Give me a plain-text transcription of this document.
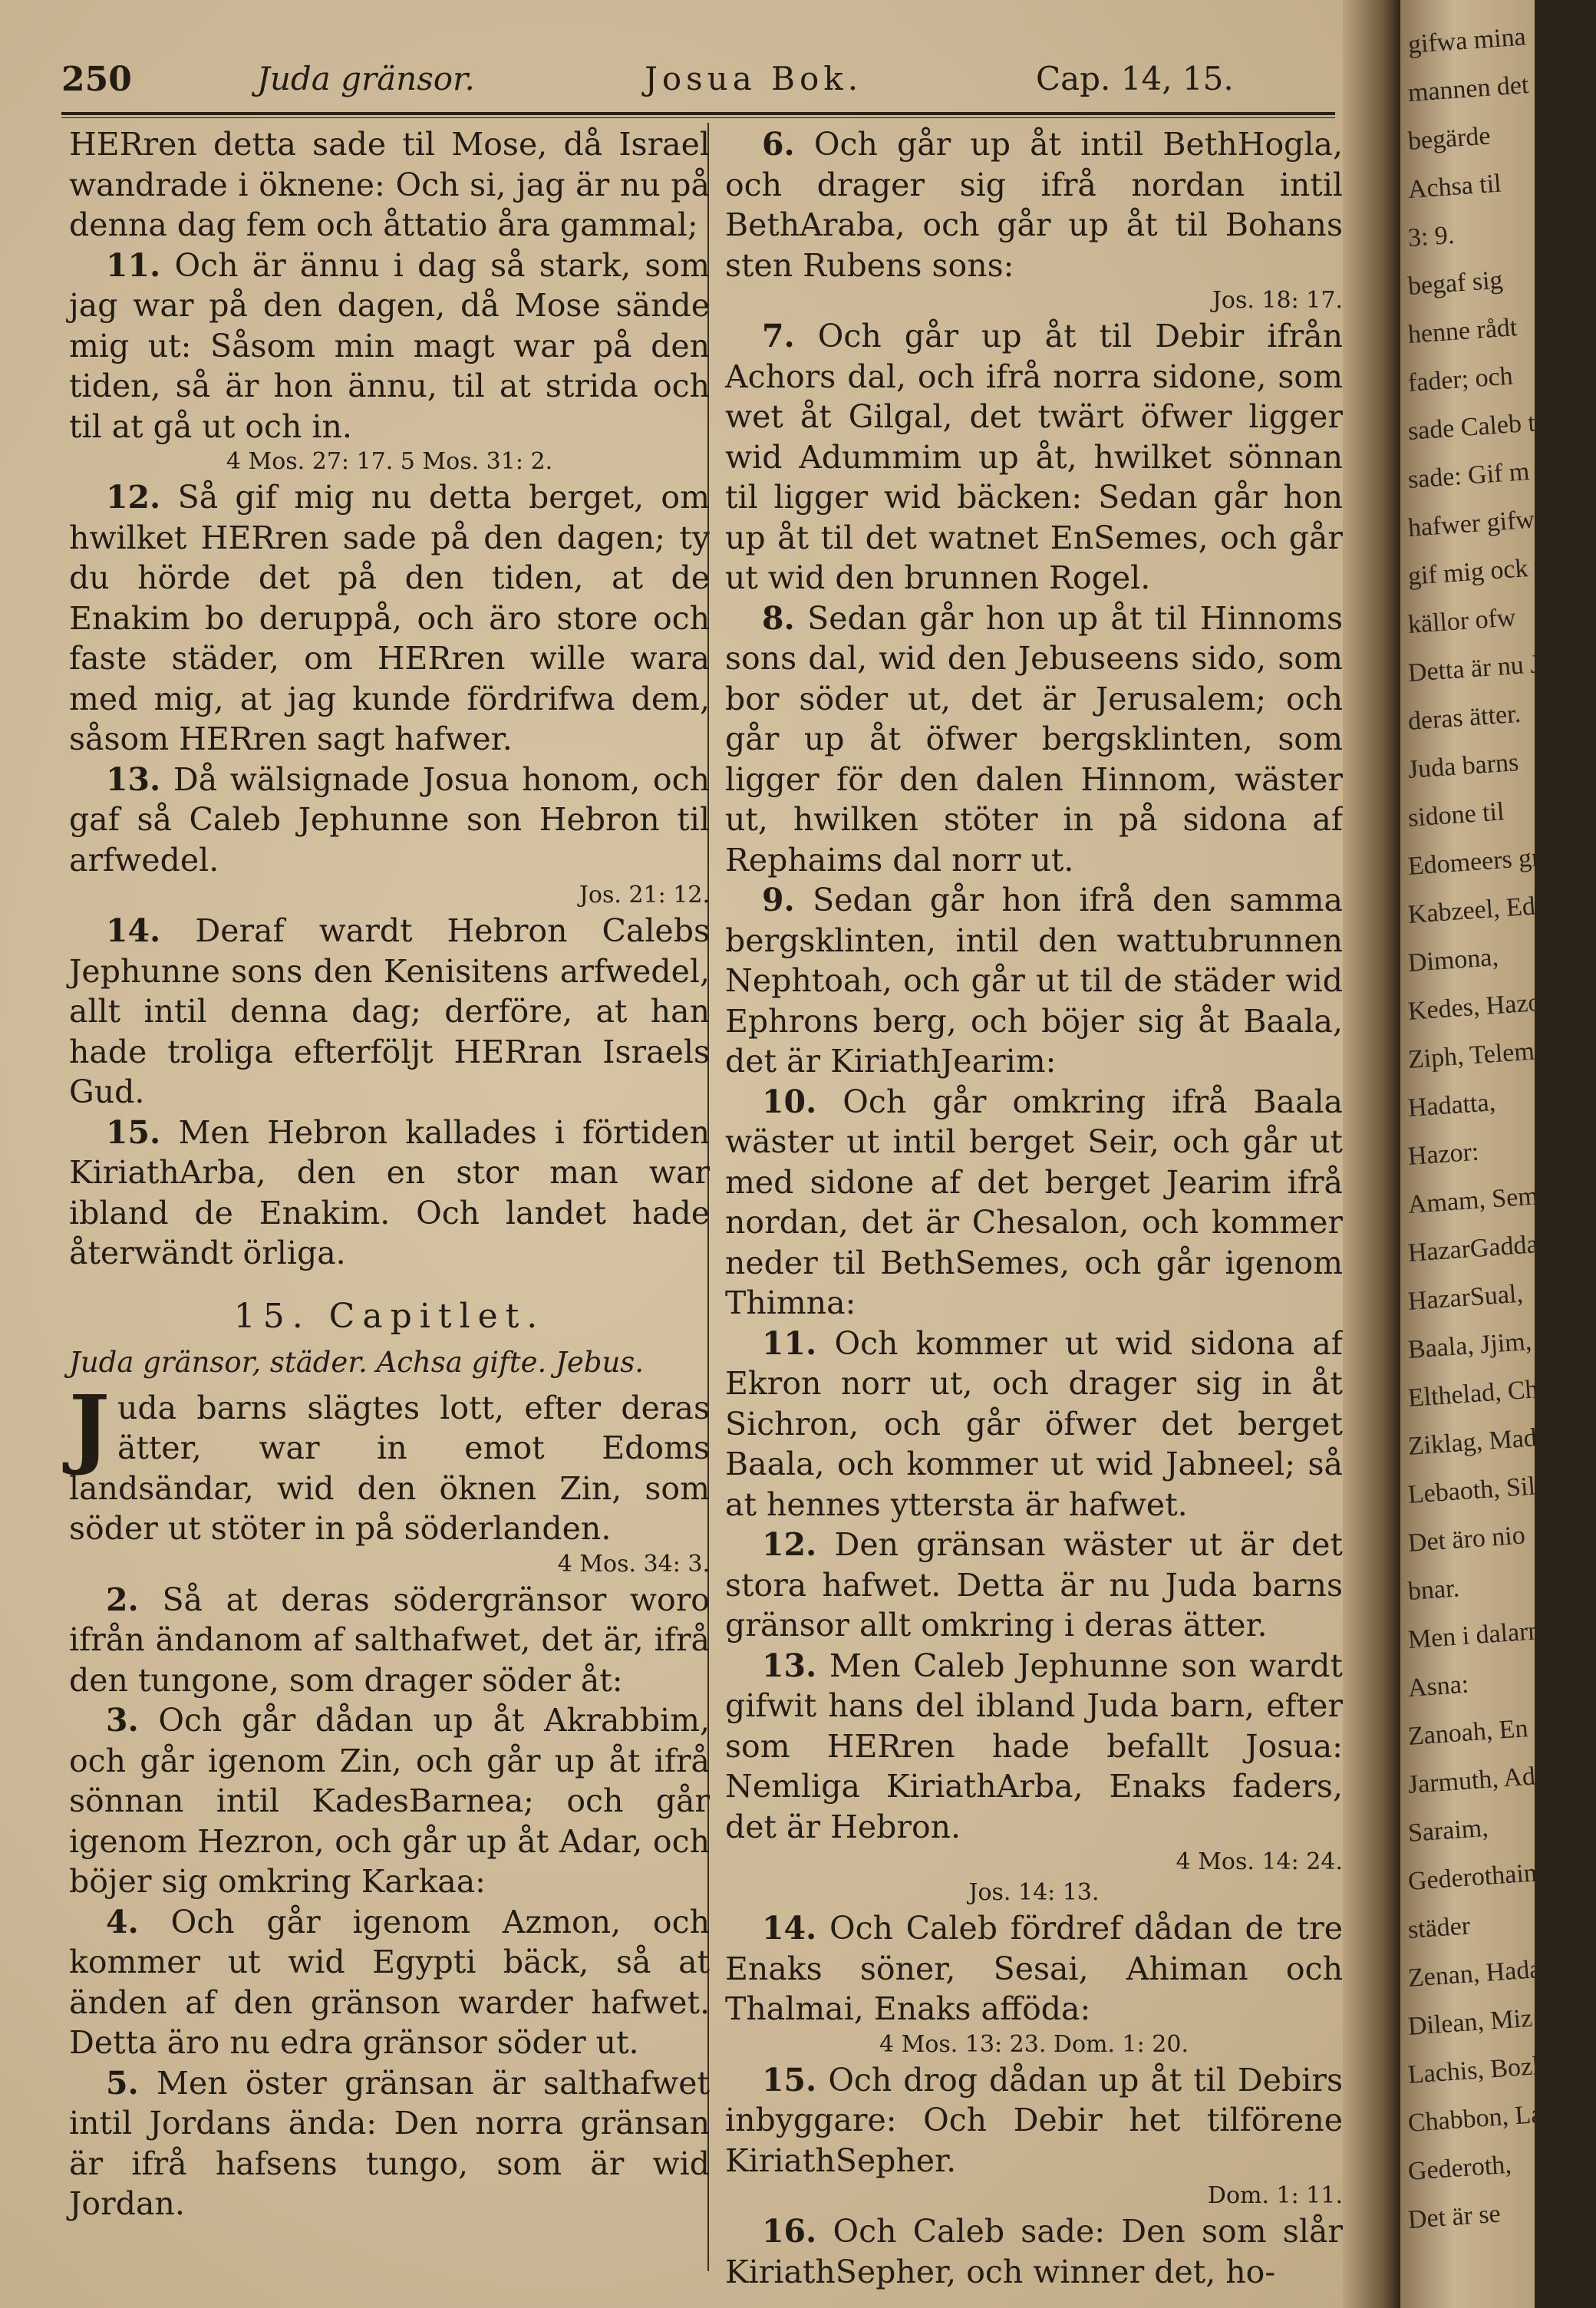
250	Juda gränsor.	Josua Bok.	Cap. 14, 15.

HERren detta sade til Mose, då Israel wandrade i öknene: Och si, jag är nu på denna dag fem och åttatio åra gammal;

11. Och är ännu i dag så stark, som jag war på den dagen, då Mose sände mig ut: Såsom min magt war på den tiden, så är hon ännu, til at strida och til at gå ut och in.

4 Mos. 27: 17. 5 Mos. 31: 2.

12. Så gif mig nu detta berget, om hwilket HERren sade på den dagen; ty du hörde det på den tiden, at de Enakim bo deruppå, och äro store och faste städer, om HERren wille wara med mig, at jag kunde fördrifwa dem, såsom HERren sagt hafwer.

13. Då wälsignade Josua honom, och gaf så Caleb Jephunne son Hebron til arfwedel.

Jos. 21: 12.

14. Deraf wardt Hebron Calebs Jephunne sons den Kenisitens arfwedel, allt intil denna dag; derföre, at han hade troliga efterföljt HERran Israels Gud.

15. Men Hebron kallades i förtiden KiriathArba, den en stor man war ibland de Enakim. Och landet hade återwändt örliga.

15. Capitlet.
Juda gränsor, städer. Achsa gifte. Jebus.

Juda barns slägtes lott, efter deras ätter, war in emot Edoms landsändar, wid den öknen Zin, som söder ut stöter in på söderlanden.

4 Mos. 34: 3.

2. Så at deras södergränsor woro ifrån ändanom af salthafwet, det är, ifrå den tungone, som drager söder åt:

3. Och går dådan up åt Akrabbim, och går igenom Zin, och går up åt ifrå sönnan intil KadesBarnea; och går igenom Hezron, och går up åt Adar, och böjer sig omkring Karkaa:

4. Och går igenom Azmon, och kommer ut wid Egypti bäck, så at änden af den gränson warder hafwet. Detta äro nu edra gränsor söder ut.

5. Men öster gränsan är salthafwet intil Jordans ända: Den norra gränsan är ifrå hafsens tungo, som är wid Jordan.

6. Och går up åt intil BethHogla, och drager sig ifrå nordan intil BethAraba, och går up åt til Bohans sten Rubens sons:

Jos. 18: 17.

7. Och går up åt til Debir ifrån Achors dal, och ifrå norra sidone, som wet åt Gilgal, det twärt öfwer ligger wid Adummim up åt, hwilket sönnan til ligger wid bäcken: Sedan går hon up åt til det watnet EnSemes, och går ut wid den brunnen Rogel.

8. Sedan går hon up åt til Hinnoms sons dal, wid den Jebuseens sido, som bor söder ut, det är Jerusalem; och går up åt öfwer bergsklinten, som ligger för den dalen Hinnom, wäster ut, hwilken stöter in på sidona af Rephaims dal norr ut.

9. Sedan går hon ifrå den samma bergsklinten, intil den wattubrunnen Nephtoah, och går ut til de städer wid Ephrons berg, och böjer sig åt Baala, det är KiriathJearim:

10. Och går omkring ifrå Baala wäster ut intil berget Seir, och går ut med sidone af det berget Jearim ifrå nordan, det är Chesalon, och kommer neder til BethSemes, och går igenom Thimna:

11. Och kommer ut wid sidona af Ekron norr ut, och drager sig in åt Sichron, och går öfwer det berget Baala, och kommer ut wid Jabneel; så at hennes yttersta är hafwet.

12. Den gränsan wäster ut är det stora hafwet. Detta är nu Juda barns gränsor allt omkring i deras ätter.

13. Men Caleb Jephunne son wardt gifwit hans del ibland Juda barn, efter som HERren hade befallt Josua: Nemliga KiriathArba, Enaks faders, det är Hebron.

4 Mos. 14: 24.

Jos. 14: 13.

14. Och Caleb fördref dådan de tre Enaks söner, Sesai, Ahiman och Thalmai, Enaks afföda:

4 Mos. 13: 23. Dom. 1: 20.

15. Och drog dådan up åt til Debirs inbyggare: Och Debir het tilförene KiriathSepher.

Dom. 1: 11.

16. Och Caleb sade: Den som slår KiriathSepher, och winner det, ho-

gifwa mina
mannen det
begärde
Achsa til
3: 9.
begaf sig
henne rådt
fader; och
sade Caleb til
sade: Gif m
hafwer gifw
gif mig ock wat
källor ofw
Detta är nu Jud
deras ätter.
Juda barns
sidone til
Edomeers grä
Kabzeel, Ed
Dimona,
Kedes, Hazor,
Ziph, Telem,
Hadatta,
Hazor:
Amam, Sema,
HazarGadda,
HazarSual,
Baala, Jjim,
Elthelad, Chesi
Ziklag, Madma
Lebaoth, Silhi
Det äro nio
bnar.
Men i dalarn
Asna:
Zanoah, En
Jarmuth, Adu
Saraim,
Gederothaim: Det
städer
Zenan, Hadas
Dilean, Miz
Lachis, Bozk
Chabbon, La
Gederoth,
Det är se
